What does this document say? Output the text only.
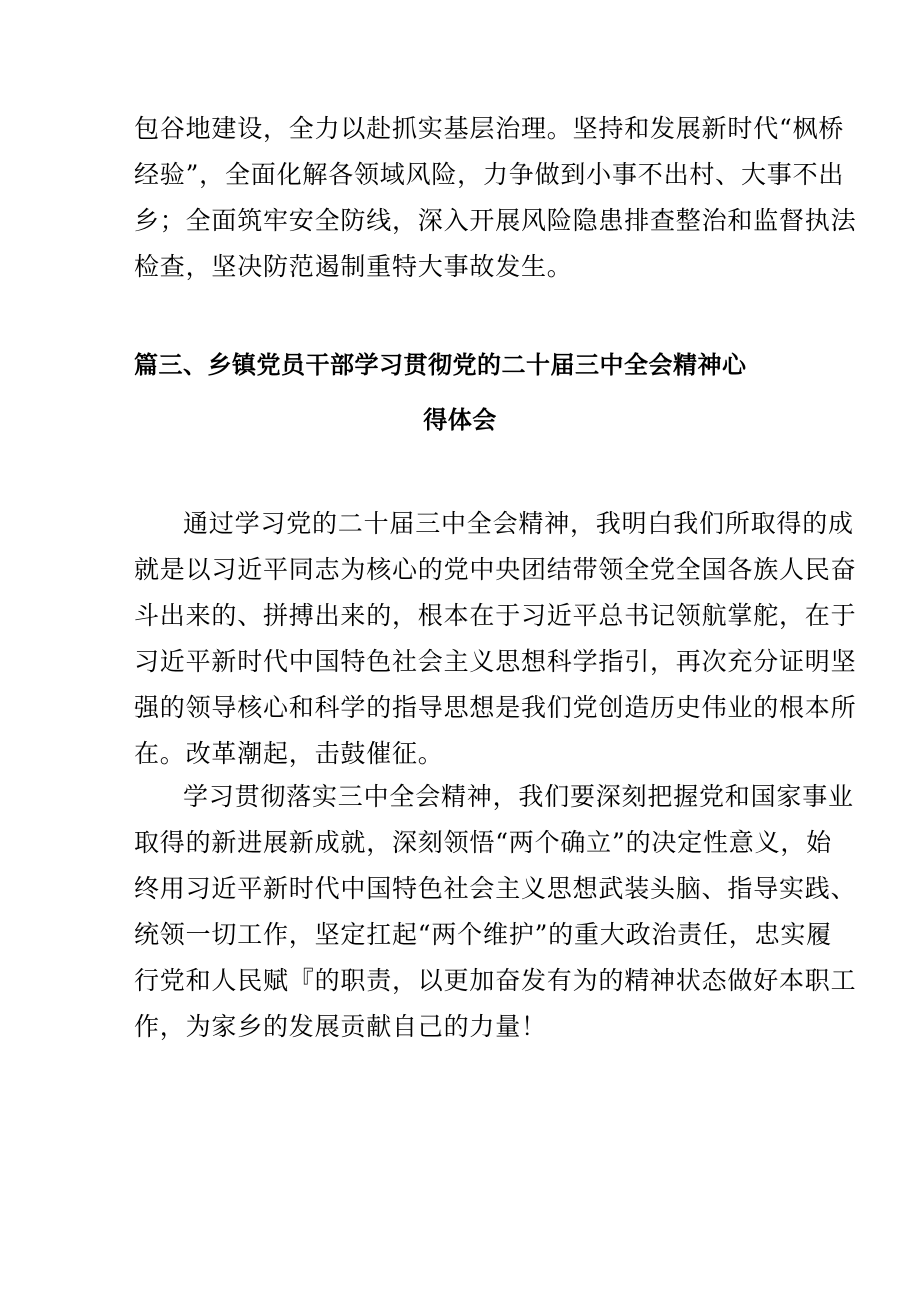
包谷地建设，全力以赴抓实基层治理。坚持和发展新时代“枫桥
经验”，全面化解各领域风险，力争做到小事不出村、大事不出
乡；全面筑牢安全防线，深入开展风险隐患排查整治和监督执法
检查，坚决防范遏制重特大事故发生。
篇三、乡镇党员干部学习贯彻党的二十届三中全会精神心
得体会
通过学习党的二十届三中全会精神，我明白我们所取得的成
就是以习近平同志为核心的党中央团结带领全党全国各族人民奋
斗出来的、拼搏出来的，根本在于习近平总书记领航掌舵，在于
习近平新时代中国特色社会主义思想科学指引，再次充分证明坚
强的领导核心和科学的指导思想是我们党创造历史伟业的根本所
在。改革潮起，击鼓催征。
学习贯彻落实三中全会精神，我们要深刻把握党和国家事业
取得的新进展新成就，深刻领悟“两个确立”的决定性意义，始
终用习近平新时代中国特色社会主义思想武装头脑、指导实践、
统领一切工作，坚定扛起“两个维护”的重大政治责任，忠实履
行党和人民赋『的职责，以更加奋发有为的精神状态做好本职工
作，为家乡的发展贡献自己的力量！
